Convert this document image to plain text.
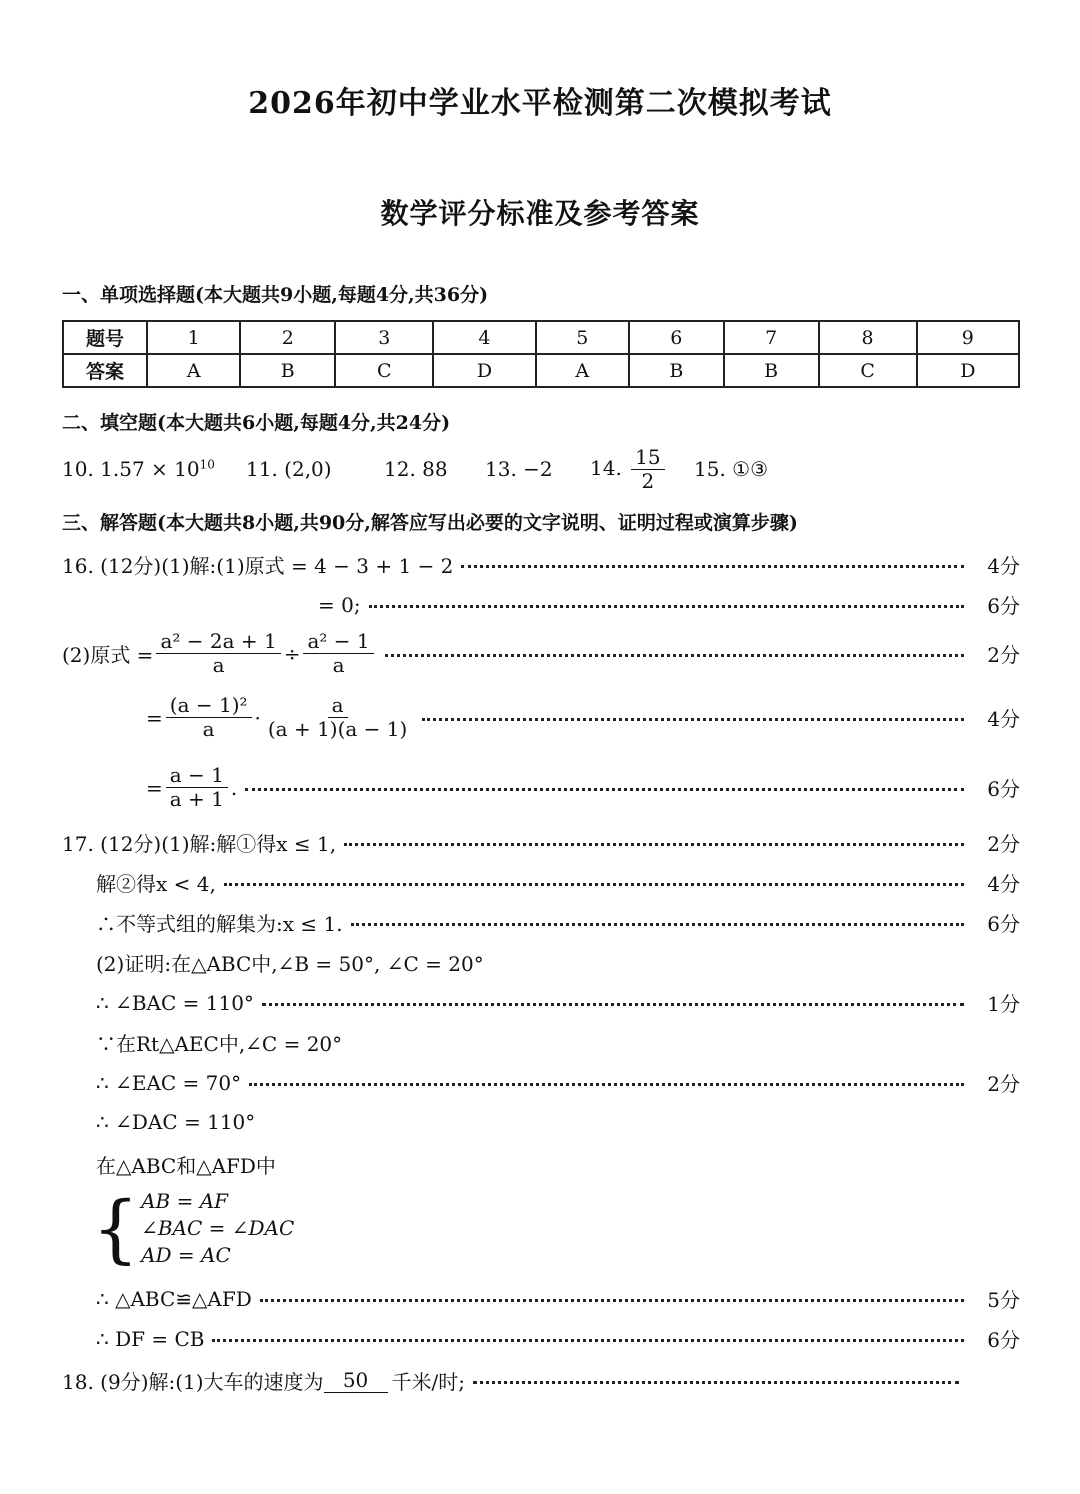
2026年初中学业水平检测第二次模拟考试
数学评分标准及参考答案
一、单项选择题(本大题共9小题,每题4分,共36分)
题号	1	2	3	4	5	6	7	8	9
答案	A	B	C	D	A	B	B	C	D
二、填空题(本大题共6小题,每题4分,共24分)
10. $1.57 \times 10^{10}$ 11. (2,0)	12. 88 13. −2 14. $\frac{15}{2} 15$. ①③
三、解答题(本大题共8小题,共90分,解答应写出必要的文字说明、证明过程或演算步骤)
16. (12分)(1)解:(1)原式 = 4 − 3 + 1 − 2	4分
= 0;	6分
(2)原式 = $\frac{\text{a² − 2a + 1}}{a} \div \frac{\text{a² − 1}}{a}$	2分
= $\frac{\text{(a − 1)²}}{a} \cdot \frac{a}{(a + 1)(a - 1)}$	4分
= $\frac{a - 1}{a + 1}$ .	6分
17. (12分)(1)解:解①得x ≤ 1,	2分
解②得x < 4,	4分
∴不等式组的解集为:x ≤ 1.	6分
(2)证明:在△ABC中,∠B = 50°, ∠C = 20°
∴ ∠BAC = 110°	1分
∵在Rt△AEC中,∠C = 20°
∴ ∠EAC = 70°	2分
∴ ∠DAC = 110°
在△ABC和△AFD中
{ AB = AF
∠BAC = ∠DAC
AD = AC
∴ △ABC≌△AFD	5分
∴ DF = CB	6分
18. (9分)解:(1)大车的速度为 50	千米/时;
